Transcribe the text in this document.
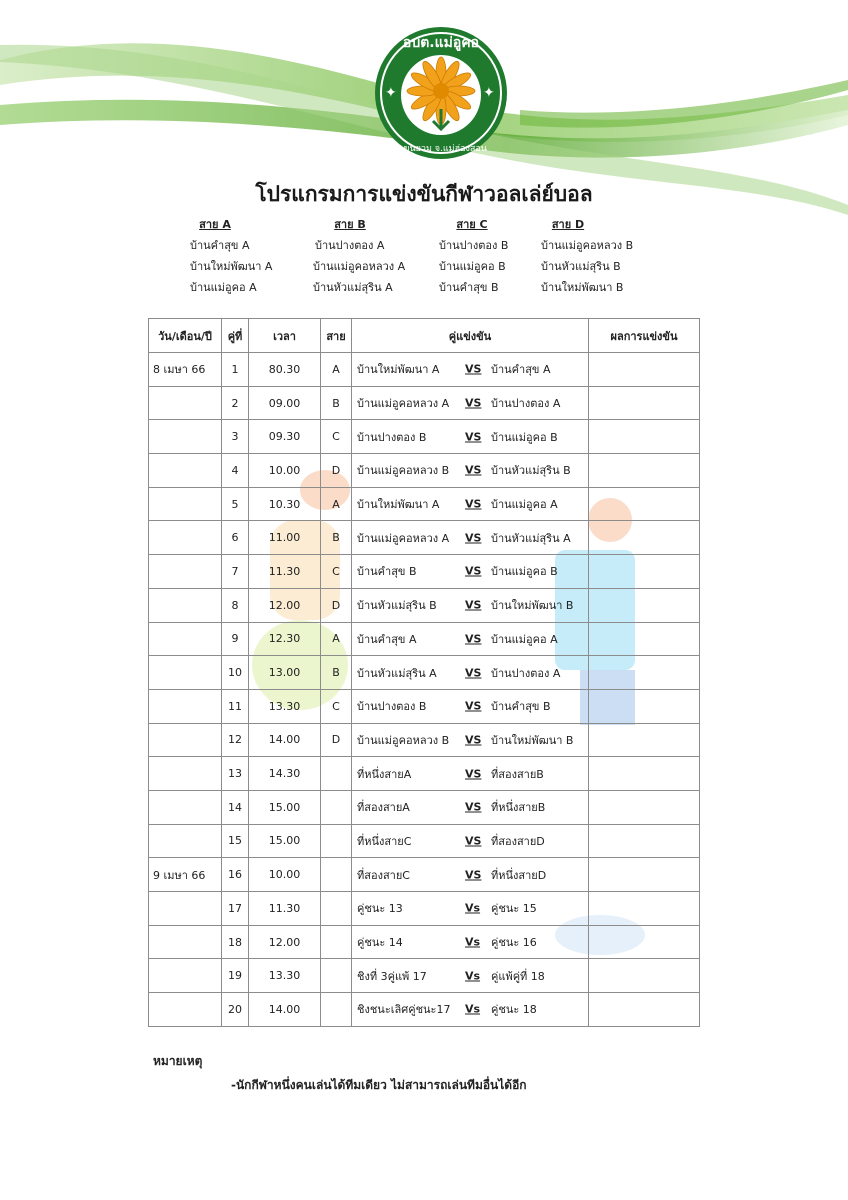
✦	✦
อบต.แม่อูคอ
อ.ขุนยวม จ.แม่ฮ่องสอน
โปรแกรมการแข่งขันกีฬาวอลเล่ย์บอล
สาย A
บ้านคำสุข A
บ้านใหม่พัฒนา A
บ้านแม่อูคอ A
สาย B
บ้านปางตอง A
บ้านแม่อูคอหลวง A
บ้านหัวแม่สุริน A
สาย C
บ้านปางตอง B
บ้านแม่อูคอ B
บ้านคำสุข B
สาย D
บ้านแม่อูคอหลวง B
บ้านหัวแม่สุริน B
บ้านใหม่พัฒนา B
วัน/เดือน/ปี	คู่ที่	เวลา	สาย	คู่แข่งขัน	ผลการแข่งขัน
8 เมษา 66	1	80.30	A	บ้านใหม่พัฒนา A VS บ้านคำสุข A	

	2	09.00	B	บ้านแม่อูคอหลวง A VS บ้านปางตอง A	

	3	09.30	C	บ้านปางตอง B VS บ้านแม่อูคอ B	

	4	10.00	D	บ้านแม่อูคอหลวง B VS บ้านหัวแม่สุริน B	

	5	10.30	A	บ้านใหม่พัฒนา A VS บ้านแม่อูคอ A	

	6	11.00	B	บ้านแม่อูคอหลวง A VS บ้านหัวแม่สุริน A	

	7	11.30	C	บ้านคำสุข B VS บ้านแม่อูคอ B	

	8	12.00	D	บ้านหัวแม่สุริน B VS บ้านใหม่พัฒนา B	

	9	12.30	A	บ้านคำสุข A VS บ้านแม่อูคอ A	

	10	13.00	B	บ้านหัวแม่สุริน A VS บ้านปางตอง A	

	11	13.30	C	บ้านปางตอง B VS บ้านคำสุข B	

	12	14.00	D	บ้านแม่อูคอหลวง B VS บ้านใหม่พัฒนา B	

	13	14.30		ที่หนึ่งสายA VS ที่สองสายB	

	14	15.00		ที่สองสายA VS ที่หนึ่งสายB	

	15	15.00		ที่หนึ่งสายC VS ที่สองสายD	

9 เมษา 66	16	10.00		ที่สองสายC VS ที่หนึ่งสายD	

	17	11.30		คู่ชนะ 13 Vs คู่ชนะ 15	

	18	12.00		คู่ชนะ 14 Vs คู่ชนะ 16	

	19	13.30		ชิงที่ 3คู่แพ้ 17 Vs คู่แพ้คู่ที่ 18	

	20	14.00		ชิงชนะเลิศคู่ชนะ17 Vs คู่ชนะ 18	

หมายเหตุ
-นักกีฬาหนึ่งคนเล่นได้ทีมเดียว ไม่สามารถเล่นทีมอื่นได้อีก
